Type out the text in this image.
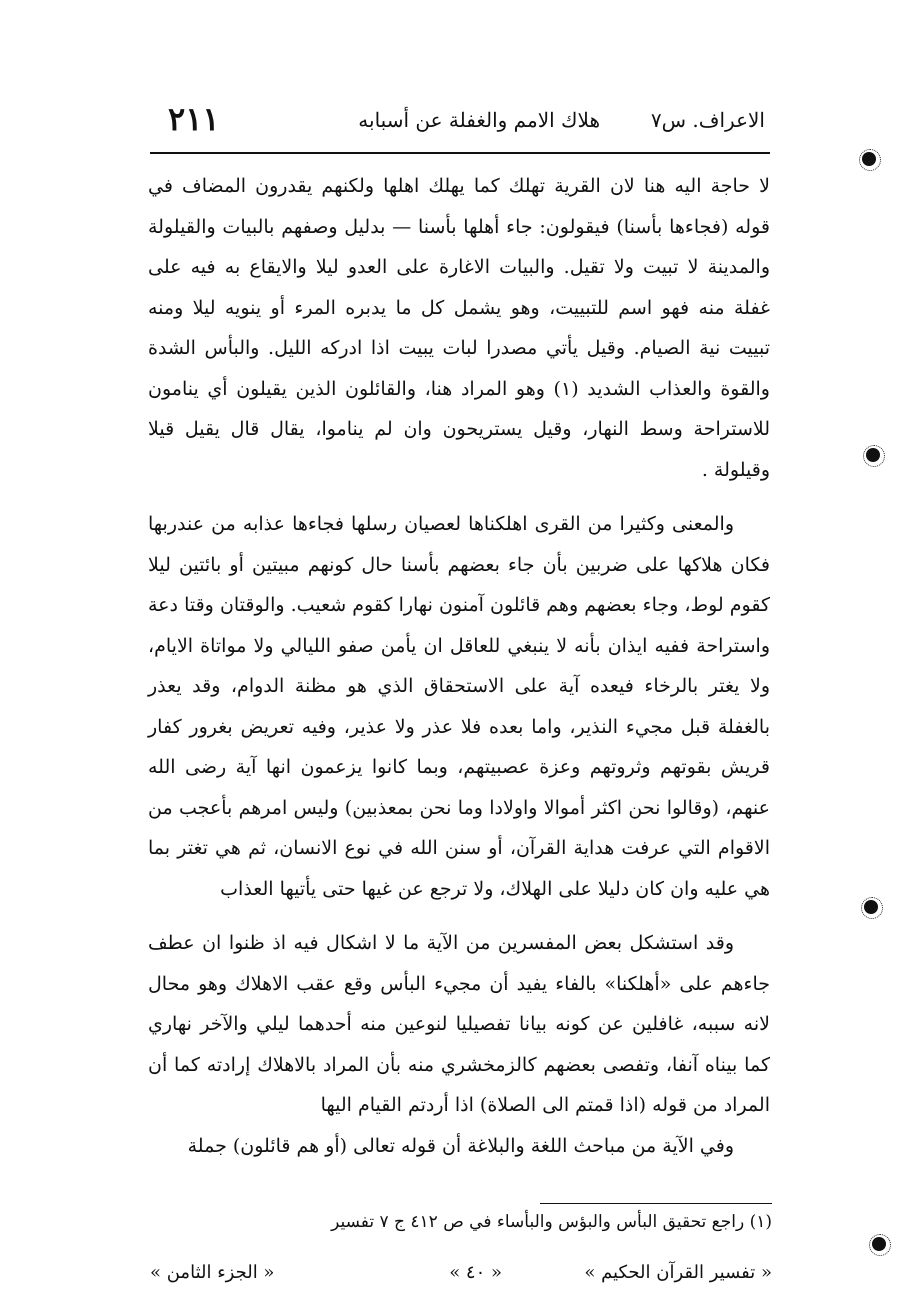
الاعراف. س٧
هلاك الامم والغفلة عن أسبابه
٢١١

لا حاجة اليه هنا لان القرية تهلك كما يهلك اهلها ولكنهم يقدرون المضاف في قوله (فجاءها بأسنا) فيقولون: جاء أهلها بأسنا — بدليل وصفهم بالبيات والقيلولة والمدينة لا تبيت ولا تقيل. والبيات الاغارة على العدو ليلا والايقاع به فيه على غفلة منه فهو اسم للتبييت، وهو يشمل كل ما يدبره المرء أو ينويه ليلا ومنه تبييت نية الصيام. وقيل يأتي مصدرا لبات يبيت اذا ادركه الليل. والبأس الشدة والقوة والعذاب الشديد (١) وهو المراد هنا، والقائلون الذين يقيلون أي ينامون للاستراحة وسط النهار، وقيل يستريحون وان لم يناموا، يقال قال يقيل قيلا وقيلولة .

والمعنى وكثيرا من القرى اهلكناها لعصيان رسلها فجاءها عذابه من عندربها فكان هلاكها على ضربين بأن جاء بعضهم بأسنا حال كونهم مبيتين أو بائتين ليلا كقوم لوط، وجاء بعضهم وهم قائلون آمنون نهارا كقوم شعيب. والوقتان وقتا دعة واستراحة ففيه ايذان بأنه لا ينبغي للعاقل ان يأمن صفو الليالي ولا مواتاة الايام، ولا يغتر بالرخاء فيعده آية على الاستحقاق الذي هو مظنة الدوام، وقد يعذر بالغفلة قبل مجيء النذير، واما بعده فلا عذر ولا عذير، وفيه تعريض بغرور كفار قريش بقوتهم وثروتهم وعزة عصبيتهم، وبما كانوا يزعمون انها آية رضى الله عنهم، (وقالوا نحن اكثر أموالا واولادا وما نحن بمعذبين) وليس امرهم بأعجب من الاقوام التي عرفت هداية القرآن، أو سنن الله في نوع الانسان، ثم هي تغتر بما هي عليه وان كان دليلا على الهلاك، ولا ترجع عن غيها حتى يأتيها العذاب

وقد استشكل بعض المفسرين من الآية ما لا اشكال فيه اذ ظنوا ان عطف جاءهم على «أهلكنا» بالفاء يفيد أن مجيء البأس وقع عقب الاهلاك وهو محال لانه سببه، غافلين عن كونه بيانا تفصيليا لنوعين منه أحدهما ليلي والآخر نهاري كما بيناه آنفا، وتفصى بعضهم كالزمخشري منه بأن المراد بالاهلاك إرادته كما أن المراد من قوله (اذا قمتم الى الصلاة) اذا أردتم القيام اليها

وفي الآية من مباحث اللغة والبلاغة أن قوله تعالى (أو هم قائلون) جملة

(١) راجع تحقيق البأس والبؤس والبأساء في ص ٤١٢ ج ٧ تفسير
« تفسير القرآن الحكيم »
« ٤٠ »
« الجزء الثامن »
